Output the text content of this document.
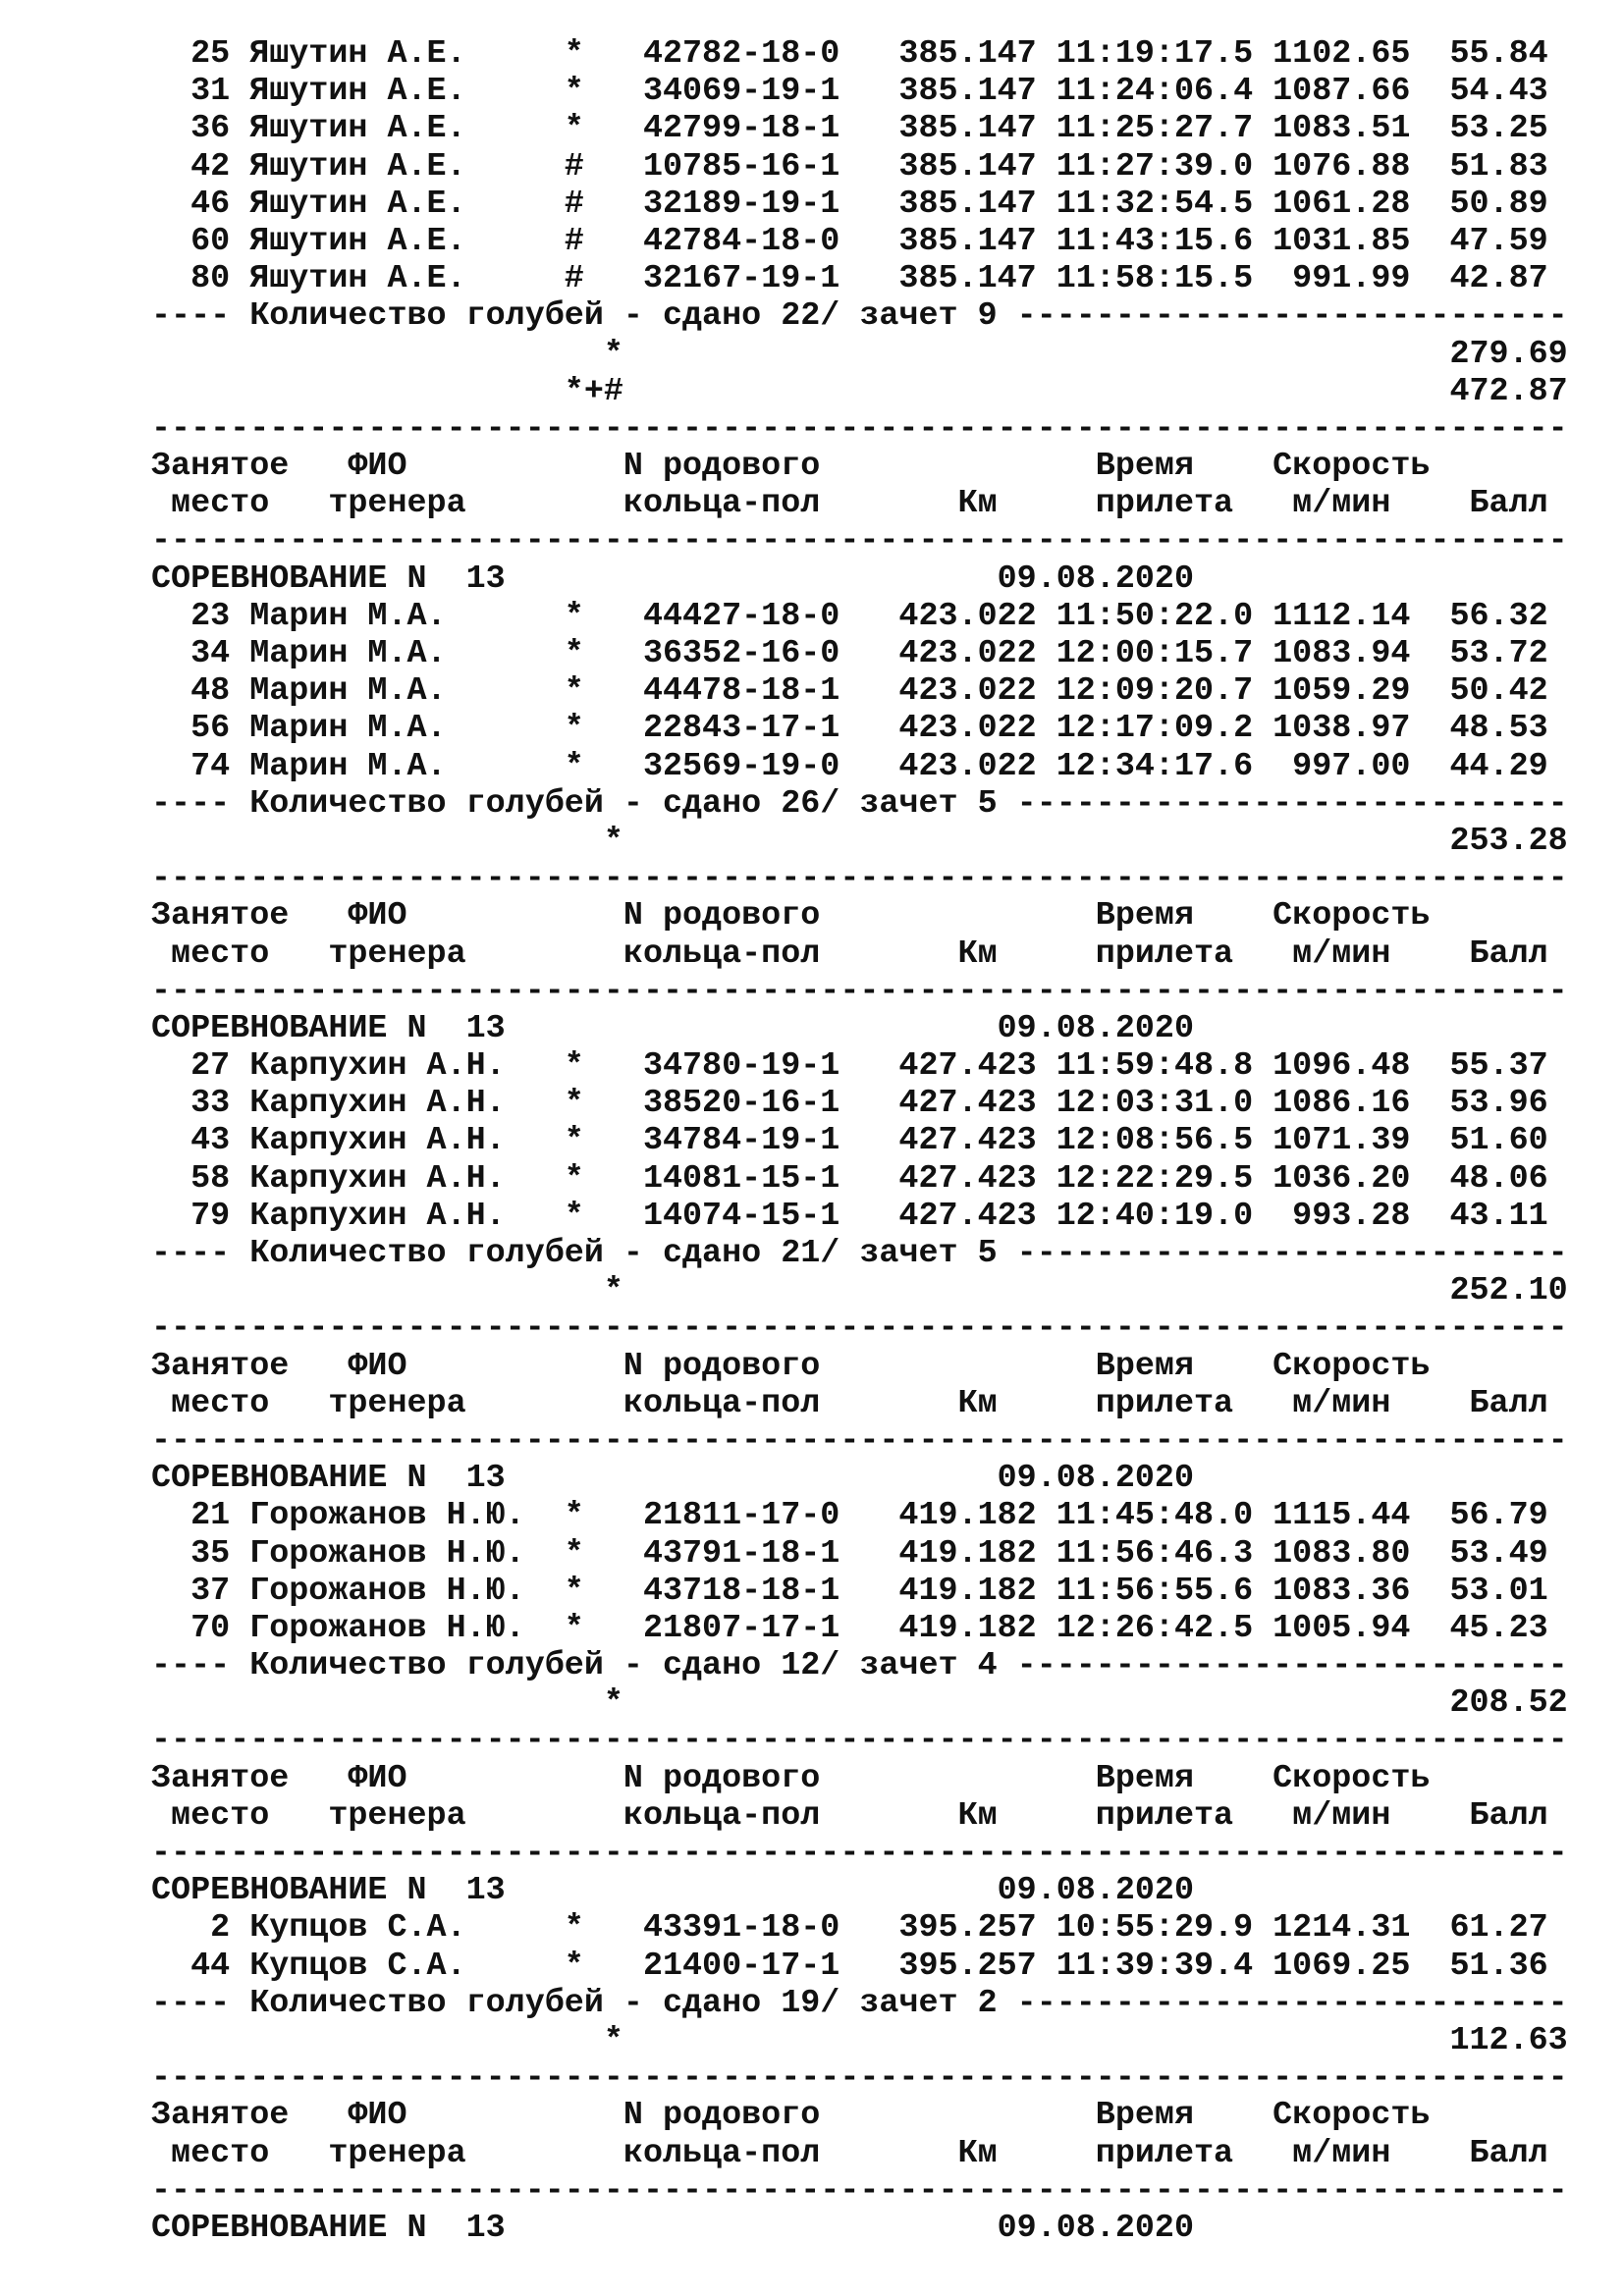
25 Яшутин А.Е.     *   42782-18-0   385.147 11:19:17.5 1102.65  55.84
31 Яшутин А.Е.     *   34069-19-1   385.147 11:24:06.4 1087.66  54.43
36 Яшутин А.Е.     *   42799-18-1   385.147 11:25:27.7 1083.51  53.25
42 Яшутин А.Е.     #   10785-16-1   385.147 11:27:39.0 1076.88  51.83
46 Яшутин А.Е.     #   32189-19-1   385.147 11:32:54.5 1061.28  50.89
60 Яшутин А.Е.     #   42784-18-0   385.147 11:43:15.6 1031.85  47.59
80 Яшутин А.Е.     #   32167-19-1   385.147 11:58:15.5  991.99  42.87
---- Количество голубей - сдано 22/ зачет 9 ----------------------------
*                                          279.69
*+#                                          472.87
------------------------------------------------------------------------
Занятое   ФИО           N родового              Время    Скорость
место   тренера        кольца-пол       Км     прилета   м/мин    Балл
------------------------------------------------------------------------
СОРЕВНОВАНИЕ N  13                         09.08.2020
23 Марин М.А.      *   44427-18-0   423.022 11:50:22.0 1112.14  56.32
34 Марин М.А.      *   36352-16-0   423.022 12:00:15.7 1083.94  53.72
48 Марин М.А.      *   44478-18-1   423.022 12:09:20.7 1059.29  50.42
56 Марин М.А.      *   22843-17-1   423.022 12:17:09.2 1038.97  48.53
74 Марин М.А.      *   32569-19-0   423.022 12:34:17.6  997.00  44.29
---- Количество голубей - сдано 26/ зачет 5 ----------------------------
*                                          253.28
------------------------------------------------------------------------
Занятое   ФИО           N родового              Время    Скорость
место   тренера        кольца-пол       Км     прилета   м/мин    Балл
------------------------------------------------------------------------
СОРЕВНОВАНИЕ N  13                         09.08.2020
27 Карпухин А.Н.   *   34780-19-1   427.423 11:59:48.8 1096.48  55.37
33 Карпухин А.Н.   *   38520-16-1   427.423 12:03:31.0 1086.16  53.96
43 Карпухин А.Н.   *   34784-19-1   427.423 12:08:56.5 1071.39  51.60
58 Карпухин А.Н.   *   14081-15-1   427.423 12:22:29.5 1036.20  48.06
79 Карпухин А.Н.   *   14074-15-1   427.423 12:40:19.0  993.28  43.11
---- Количество голубей - сдано 21/ зачет 5 ----------------------------
*                                          252.10
------------------------------------------------------------------------
Занятое   ФИО           N родового              Время    Скорость
место   тренера        кольца-пол       Км     прилета   м/мин    Балл
------------------------------------------------------------------------
СОРЕВНОВАНИЕ N  13                         09.08.2020
21 Горожанов Н.Ю.  *   21811-17-0   419.182 11:45:48.0 1115.44  56.79
35 Горожанов Н.Ю.  *   43791-18-1   419.182 11:56:46.3 1083.80  53.49
37 Горожанов Н.Ю.  *   43718-18-1   419.182 11:56:55.6 1083.36  53.01
70 Горожанов Н.Ю.  *   21807-17-1   419.182 12:26:42.5 1005.94  45.23
---- Количество голубей - сдано 12/ зачет 4 ----------------------------
*                                          208.52
------------------------------------------------------------------------
Занятое   ФИО           N родового              Время    Скорость
место   тренера        кольца-пол       Км     прилета   м/мин    Балл
------------------------------------------------------------------------
СОРЕВНОВАНИЕ N  13                         09.08.2020
2 Купцов С.А.     *   43391-18-0   395.257 10:55:29.9 1214.31  61.27
44 Купцов С.А.     *   21400-17-1   395.257 11:39:39.4 1069.25  51.36
---- Количество голубей - сдано 19/ зачет 2 ----------------------------
*                                          112.63
------------------------------------------------------------------------
Занятое   ФИО           N родового              Время    Скорость
место   тренера        кольца-пол       Км     прилета   м/мин    Балл
------------------------------------------------------------------------
СОРЕВНОВАНИЕ N  13                         09.08.2020
